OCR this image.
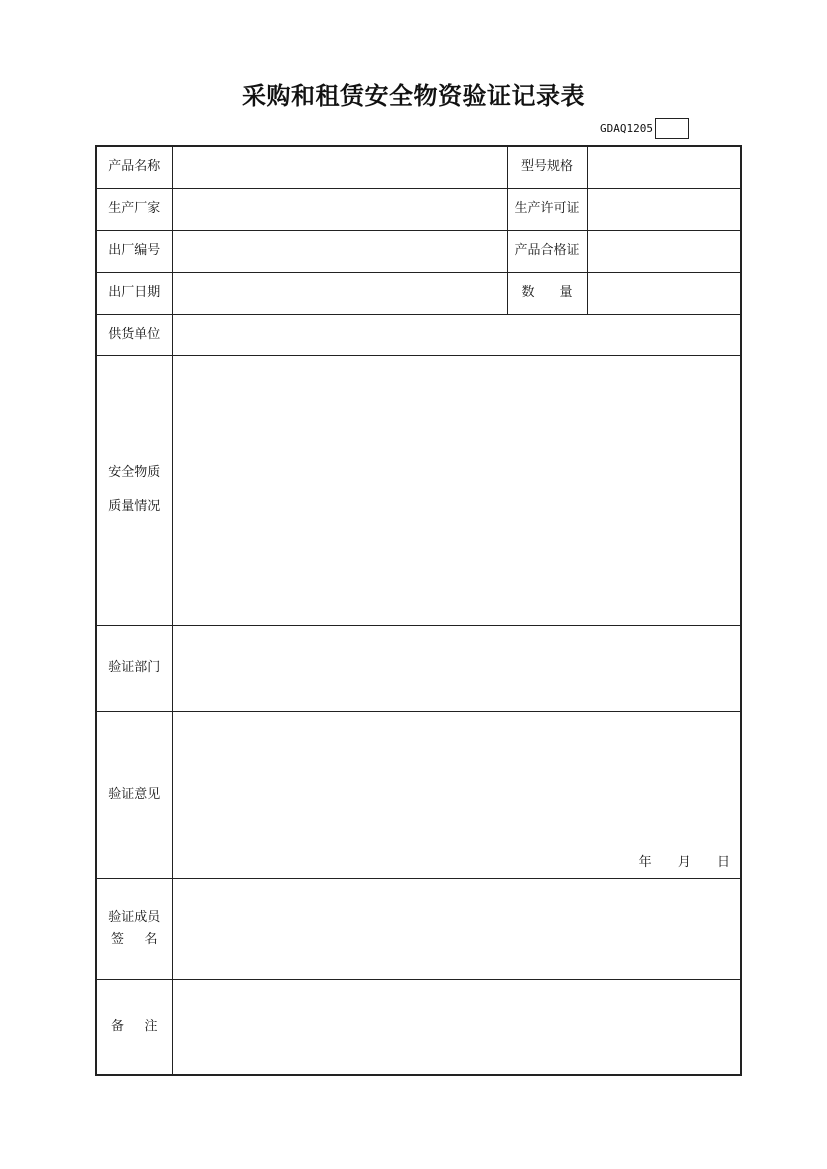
采购和租赁安全物资验证记录表
GDAQ1205
产品名称		型号规格	
生产厂家		生产许可证	
出厂编号		产品合格证	
出厂日期		数 量	

供货单位			

安全物质
质量情况			

验证部门			
验证意见	年 月 日		

验证成员
签 名			

备 注			
